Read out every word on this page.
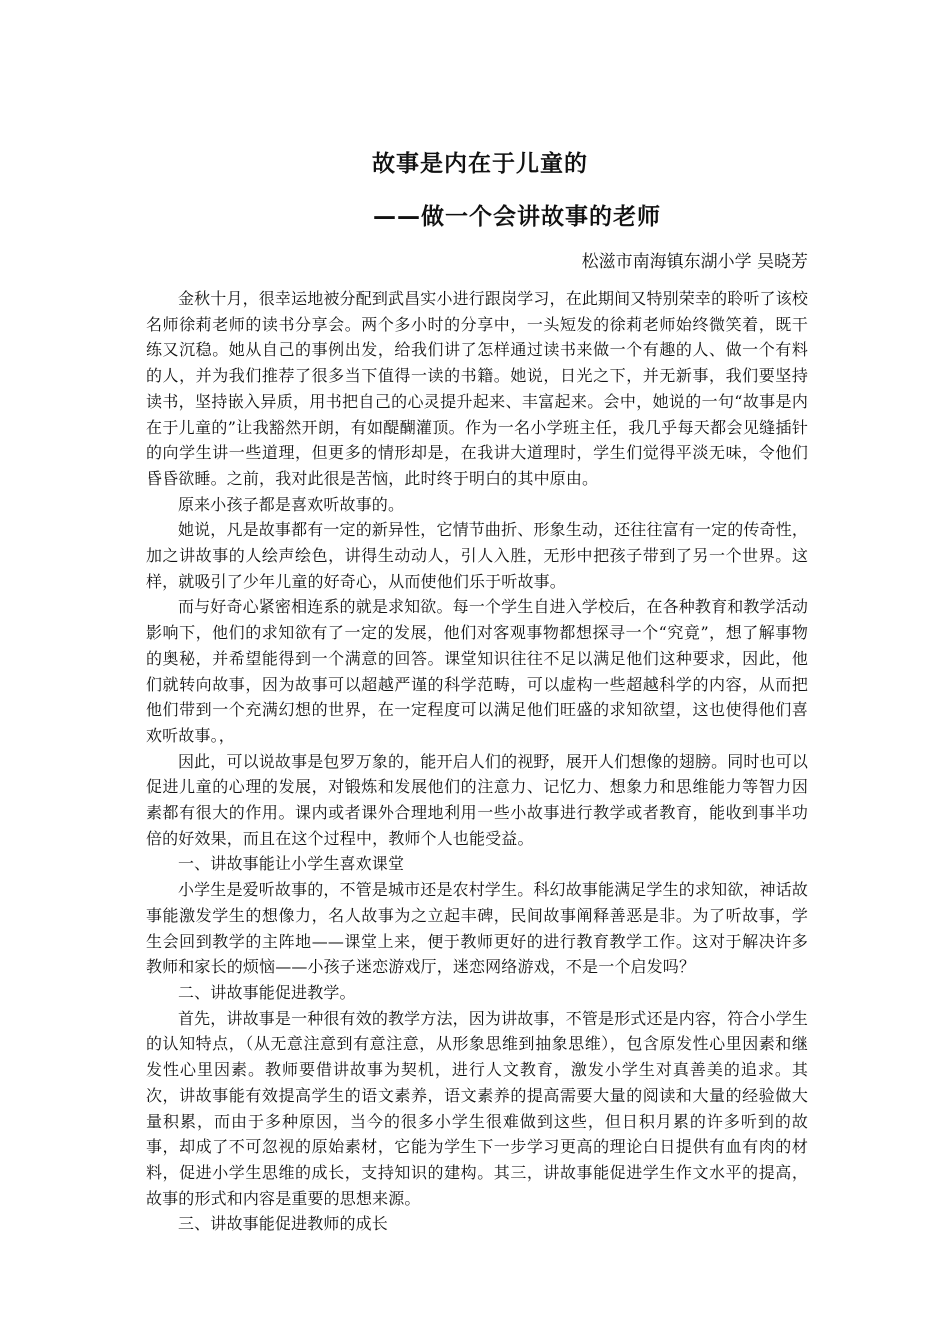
故事是内在于儿童的
——做一个会讲故事的老师
松滋市南海镇东湖小学 吴晓芳

金秋十月，很幸运地被分配到武昌实小进行跟岗学习，在此期间又特别荣幸的聆听了该校名师徐莉老师的读书分享会。两个多小时的分享中，一头短发的徐莉老师始终微笑着，既干练又沉稳。她从自己的事例出发，给我们讲了怎样通过读书来做一个有趣的人、做一个有料的人，并为我们推荐了很多当下值得一读的书籍。她说，日光之下，并无新事，我们要坚持读书，坚持嵌入异质，用书把自己的心灵提升起来、丰富起来。会中，她说的一句“故事是内在于儿童的”让我豁然开朗，有如醍醐灌顶。作为一名小学班主任，我几乎每天都会见缝插针的向学生讲一些道理，但更多的情形却是，在我讲大道理时，学生们觉得平淡无味，令他们昏昏欲睡。之前，我对此很是苦恼，此时终于明白的其中原由。

原来小孩子都是喜欢听故事的。

她说，凡是故事都有一定的新异性，它情节曲折、形象生动，还往往富有一定的传奇性，加之讲故事的人绘声绘色，讲得生动动人，引人入胜，无形中把孩子带到了另一个世界。这样，就吸引了少年儿童的好奇心，从而使他们乐于听故事。

而与好奇心紧密相连系的就是求知欲。每一个学生自进入学校后，在各种教育和教学活动影响下，他们的求知欲有了一定的发展，他们对客观事物都想探寻一个“究竟”，想了解事物的奥秘，并希望能得到一个满意的回答。课堂知识往往不足以满足他们这种要求，因此，他们就转向故事，因为故事可以超越严谨的科学范畴，可以虚构一些超越科学的内容，从而把他们带到一个充满幻想的世界，在一定程度可以满足他们旺盛的求知欲望，这也使得他们喜欢听故事。，

因此，可以说故事是包罗万象的，能开启人们的视野，展开人们想像的翅膀。同时也可以促进儿童的心理的发展，对锻炼和发展他们的注意力、记忆力、想象力和思维能力等智力因素都有很大的作用。课内或者课外合理地利用一些小故事进行教学或者教育，能收到事半功倍的好效果，而且在这个过程中，教师个人也能受益。

一、讲故事能让小学生喜欢课堂

小学生是爱听故事的，不管是城市还是农村学生。科幻故事能满足学生的求知欲，神话故事能激发学生的想像力，名人故事为之立起丰碑，民间故事阐释善恶是非。为了听故事，学生会回到教学的主阵地——课堂上来，便于教师更好的进行教育教学工作。这对于解决许多教师和家长的烦恼——小孩子迷恋游戏厅，迷恋网络游戏，不是一个启发吗？

二、讲故事能促进教学。

首先，讲故事是一种很有效的教学方法，因为讲故事，不管是形式还是内容，符合小学生的认知特点，（从无意注意到有意注意，从形象思维到抽象思维），包含原发性心里因素和继发性心里因素。教师要借讲故事为契机，进行人文教育，激发小学生对真善美的追求。其次，讲故事能有效提高学生的语文素养，语文素养的提高需要大量的阅读和大量的经验做大量积累，而由于多种原因，当今的很多小学生很难做到这些，但日积月累的许多听到的故事，却成了不可忽视的原始素材，它能为学生下一步学习更高的理论白日提供有血有肉的材料，促进小学生思维的成长，支持知识的建构。其三，讲故事能促进学生作文水平的提高，故事的形式和内容是重要的思想来源。

三、讲故事能促进教师的成长
